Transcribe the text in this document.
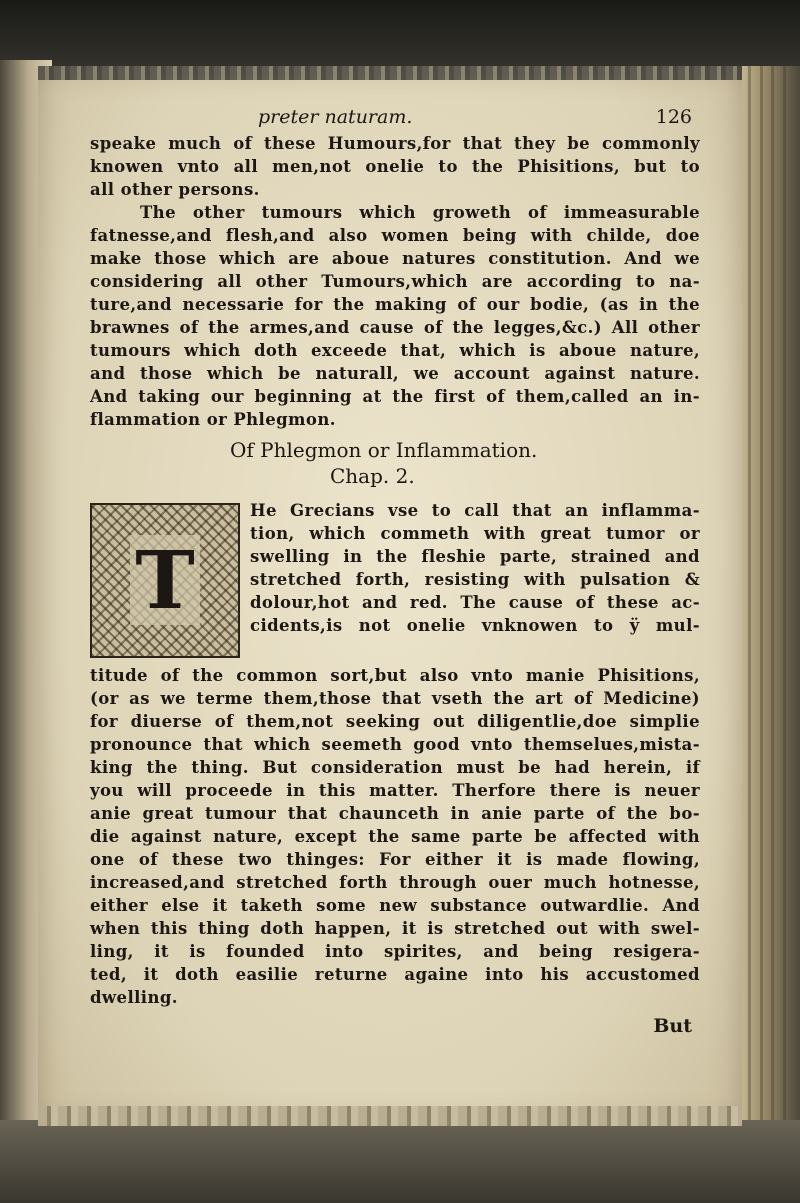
preter naturam.	126

speake much of these Humours,for that they be commonly

knowen vnto all men,not onelie to the Phisitions, but to

all other persons.

The other tumours which groweth of immeasurable

fatnesse,and flesh,and also women being with childe, doe

make those which are aboue natures constitution. And we

considering all other Tumours,which are according to na-

ture,and necessarie for the making of our bodie, (as in the

brawnes of the armes,and cause of the legges,&c.) All other

tumours which doth exceede that, which is aboue nature,

and those which be naturall, we account against nature.

And taking our beginning at the first of them,called an in-

flammation or Phlegmon.

Of Phlegmon or Inflammation.
Chap. 2.
T

He Grecians vse to call that an inflamma-

tion, which commeth with great tumor or

swelling in the fleshie parte, strained and

stretched forth, resisting with pulsation &

dolour,hot and red. The cause of these ac-

cidents,is not onelie vnknowen to ÿ mul-

titude of the common sort,but also vnto manie Phisitions,

(or as we terme them,those that vseth the art of Medicine)

for diuerse of them,not seeking out diligentlie,doe simplie

pronounce that which seemeth good vnto themselues,mista-

king the thing. But consideration must be had herein, if

you will proceede in this matter. Therfore there is neuer

anie great tumour that chaunceth in anie parte of the bo-

die against nature, except the same parte be affected with

one of these two thinges: For either it is made flowing,

increased,and stretched forth through ouer much hotnesse,

either else it taketh some new substance outwardlie. And

when this thing doth happen, it is stretched out with swel-

ling, it is founded into spirites, and being resigera-

ted, it doth easilie returne againe into his accustomed

dwelling.

But
